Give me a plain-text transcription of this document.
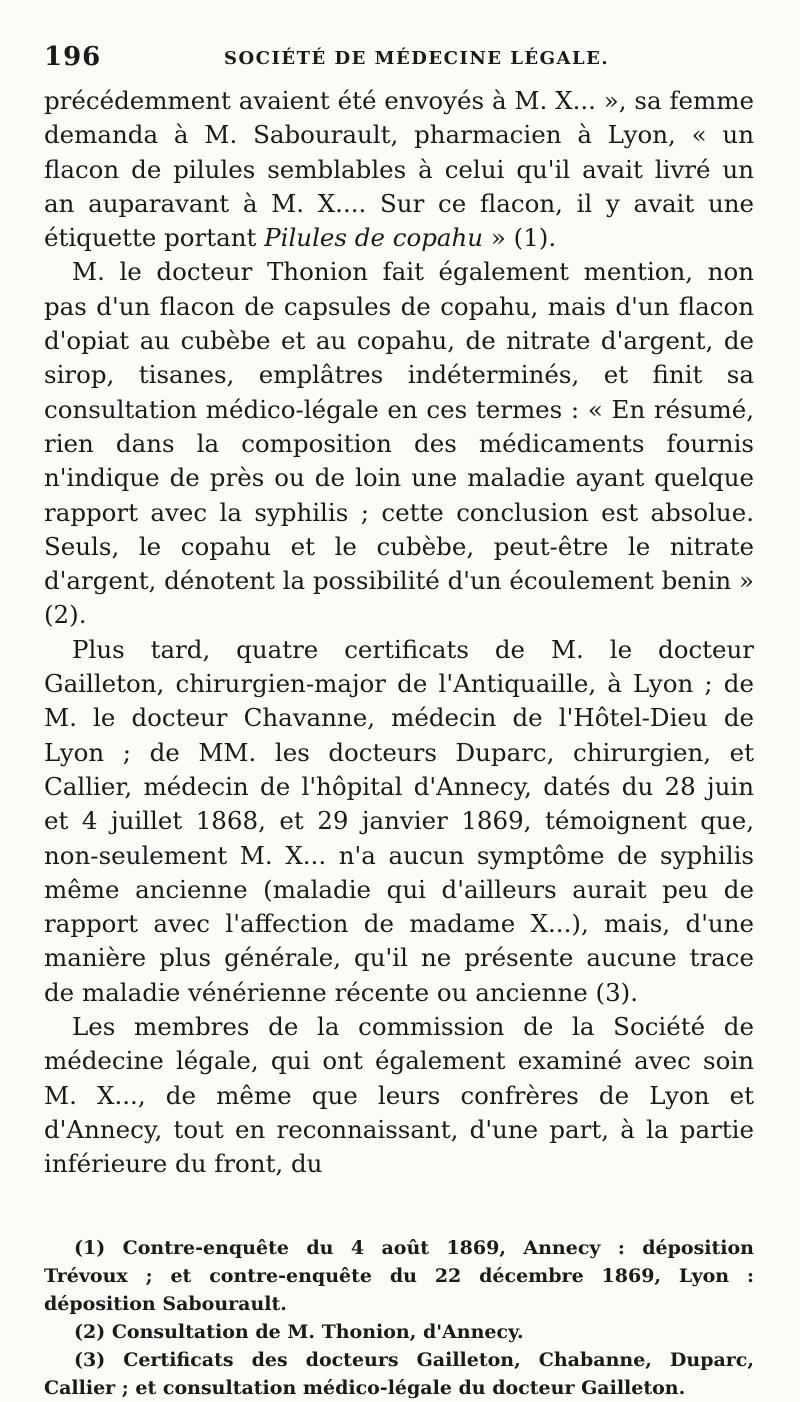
196	SOCIÉTÉ DE MÉDECINE LÉGALE.

précédemment avaient été envoyés à M. X... », sa femme demanda à M. Sabourault, pharmacien à Lyon, « un flacon de pilules semblables à celui qu'il avait livré un an auparavant à M. X.... Sur ce flacon, il y avait une étiquette portant Pilules de copahu » (1).

M. le docteur Thonion fait également mention, non pas d'un flacon de capsules de copahu, mais d'un flacon d'opiat au cubèbe et au copahu, de nitrate d'argent, de sirop, tisanes, emplâtres indéterminés, et finit sa consultation médico-légale en ces termes : « En résumé, rien dans la composition des médicaments fournis n'indique de près ou de loin une maladie ayant quelque rapport avec la syphilis ; cette conclusion est absolue. Seuls, le copahu et le cubèbe, peut-être le nitrate d'argent, dénotent la possibilité d'un écoulement benin » (2).

Plus tard, quatre certificats de M. le docteur Gailleton, chirurgien-major de l'Antiquaille, à Lyon ; de M. le docteur Chavanne, médecin de l'Hôtel-Dieu de Lyon ; de MM. les docteurs Duparc, chirurgien, et Callier, médecin de l'hôpital d'Annecy, datés du 28 juin et 4 juillet 1868, et 29 janvier 1869, témoignent que, non-seulement M. X... n'a aucun symptôme de syphilis même ancienne (maladie qui d'ailleurs aurait peu de rapport avec l'affection de madame X...), mais, d'une manière plus générale, qu'il ne présente aucune trace de maladie vénérienne récente ou ancienne (3).

Les membres de la commission de la Société de médecine légale, qui ont également examiné avec soin M. X..., de même que leurs confrères de Lyon et d'Annecy, tout en reconnaissant, d'une part, à la partie inférieure du front, du

(1) Contre-enquête du 4 août 1869, Annecy : déposition Trévoux ; et contre-enquête du 22 décembre 1869, Lyon : déposition Sabourault.

(2) Consultation de M. Thonion, d'Annecy.

(3) Certificats des docteurs Gailleton, Chabanne, Duparc, Callier ; et consultation médico-légale du docteur Gailleton.
